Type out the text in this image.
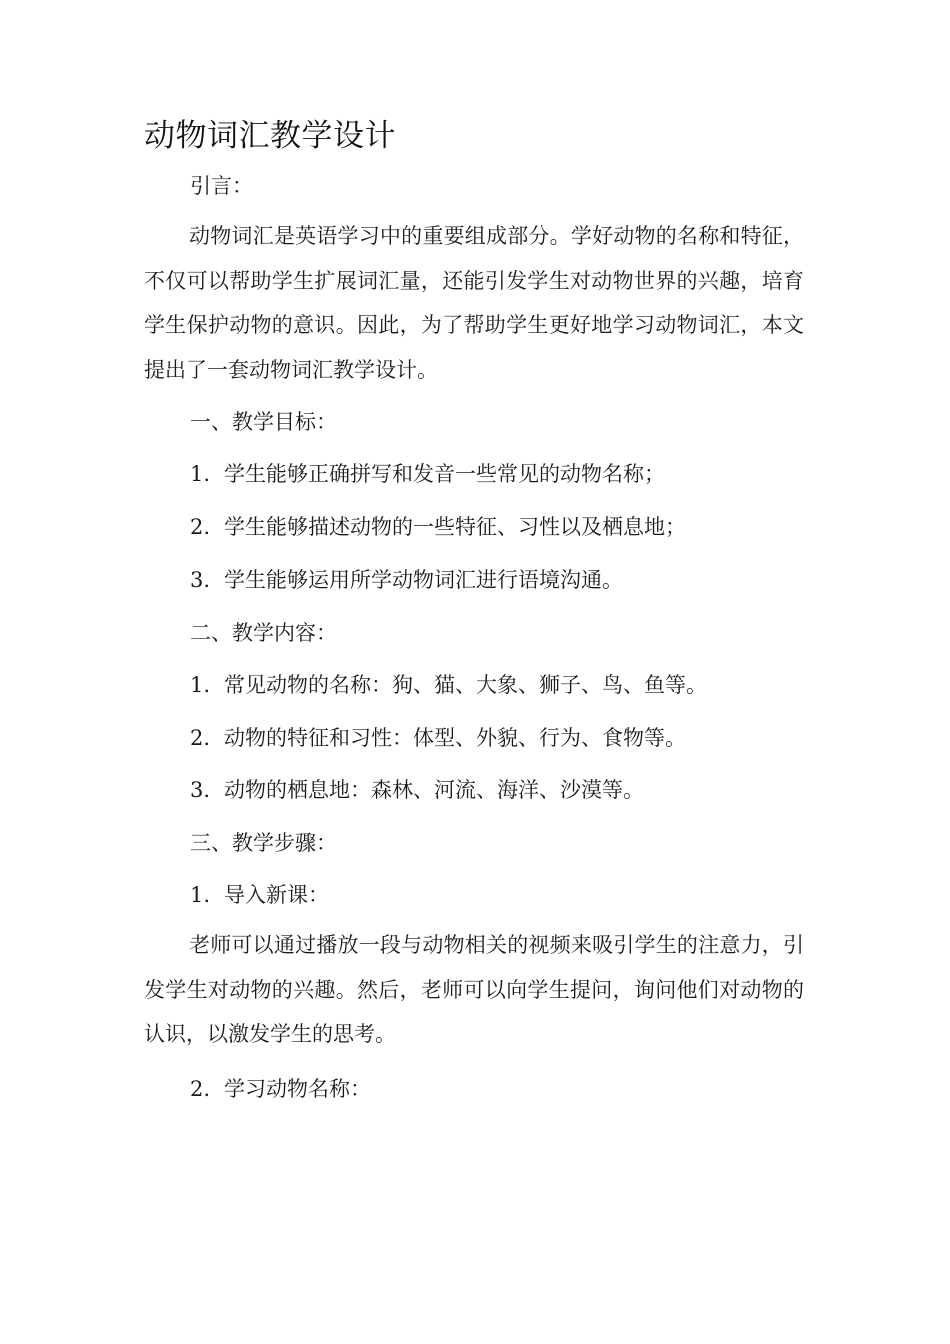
动物词汇教学设计

引言：

动物词汇是英语学习中的重要组成部分。学好动物的名称和特征，不仅可以帮助学生扩展词汇量，还能引发学生对动物世界的兴趣，培育学生保护动物的意识。因此，为了帮助学生更好地学习动物词汇，本文提出了一套动物词汇教学设计。

一、教学目标：

1. 学生能够正确拼写和发音一些常见的动物名称；

2. 学生能够描述动物的一些特征、习性以及栖息地；

3. 学生能够运用所学动物词汇进行语境沟通。

二、教学内容：

1. 常见动物的名称：狗、猫、大象、狮子、鸟、鱼等。

2. 动物的特征和习性：体型、外貌、行为、食物等。

3. 动物的栖息地：森林、河流、海洋、沙漠等。

三、教学步骤：

1. 导入新课：

老师可以通过播放一段与动物相关的视频来吸引学生的注意力，引发学生对动物的兴趣。然后，老师可以向学生提问，询问他们对动物的认识，以激发学生的思考。

2. 学习动物名称：
